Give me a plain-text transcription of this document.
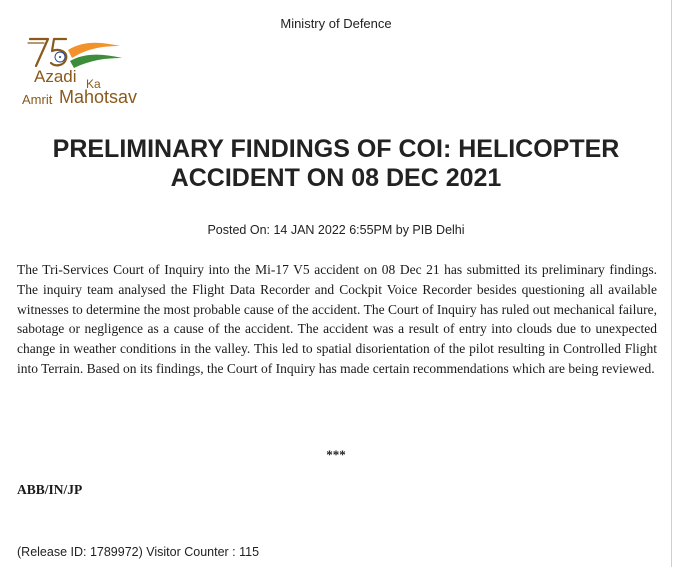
Ministry of Defence
Azadi Ka
Amrit Mahotsav
PRELIMINARY FINDINGS OF COI: HELICOPTER
ACCIDENT ON 08 DEC 2021
Posted On: 14 JAN 2022 6:55PM by PIB Delhi

The Tri-Services Court of Inquiry into the Mi-17 V5 accident on 08 Dec 21 has submitted its preliminary findings. The inquiry team analysed the Flight Data Recorder and Cockpit Voice Recorder besides questioning all available witnesses to determine the most probable cause of the accident. The Court of Inquiry has ruled out mechanical failure, sabotage or negligence as a cause of the accident. The accident was a result of entry into clouds due to unexpected change in weather conditions in the valley. This led to spatial disorientation of the pilot resulting in Controlled Flight into Terrain. Based on its findings, the Court of Inquiry has made certain recommendations which are being reviewed.

***
ABB/IN/JP
(Release ID: 1789972) Visitor Counter : 115
